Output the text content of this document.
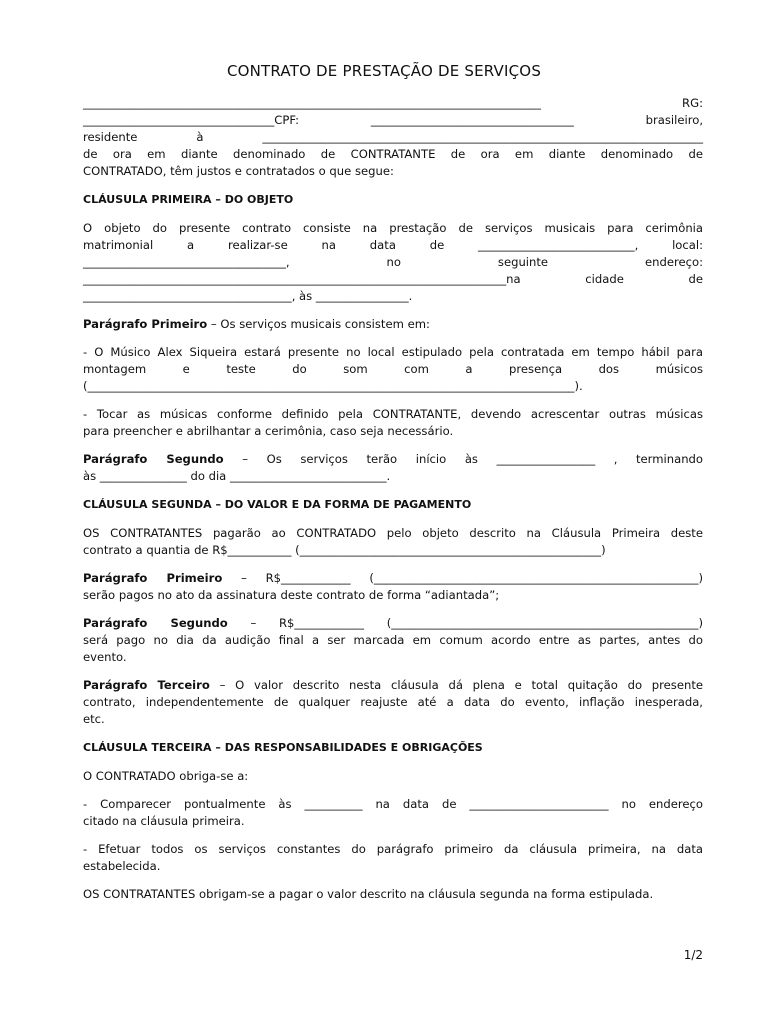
CONTRATO DE PRESTAÇÃO DE SERVIÇOS

_______________________________________________________________________________ RG:

_________________________________CPF:	___________________________________	brasileiro,

residente à ____________________________________________________________________________

de ora em diante denominado de CONTRATANTE de ora em diante denominado de

CONTRATADO, têm justos e contratados o que segue:

CLÁUSULA PRIMEIRA – DO OBJETO

O objeto do presente contrato consiste na prestação de serviços musicais para cerimônia

matrimonial a realizar-se na data de ___________________________, local:

___________________________________, no seguinte endereço:

_________________________________________________________________________na cidade de

____________________________________, às ________________.

Parágrafo Primeiro – Os serviços musicais consistem em:

- O Músico Alex Siqueira estará presente no local estipulado pela contratada em tempo hábil para

montagem e teste do som com a presença dos músicos

(____________________________________________________________________________________).

- Tocar as músicas conforme definido pela CONTRATANTE, devendo acrescentar outras músicas

para preencher e abrilhantar a cerimônia, caso seja necessário.

Parágrafo Segundo – Os serviços terão início às _________________ , terminando

às _______________ do dia ___________________________.

CLÁUSULA SEGUNDA – DO VALOR E DA FORMA DE PAGAMENTO

OS CONTRATANTES pagarão ao CONTRATADO pelo objeto descrito na Cláusula Primeira deste

contrato a quantia de R$___________ (____________________________________________________)

Parágrafo Primeiro – R$____________ (________________________________________________________)

serão pagos no ato da assinatura deste contrato de forma “adiantada”;

Parágrafo Segundo – R$____________ (_____________________________________________________)

será pago no dia da audição final a ser marcada em comum acordo entre as partes, antes do

evento.

Parágrafo Terceiro – O valor descrito nesta cláusula dá plena e total quitação do presente

contrato, independentemente de qualquer reajuste até a data do evento, inflação inesperada,

etc.

CLÁUSULA TERCEIRA – DAS RESPONSABILIDADES E OBRIGAÇÕES

O CONTRATADO obriga-se a:

- Comparecer pontualmente às __________ na data de ________________________ no endereço

citado na cláusula primeira.

- Efetuar todos os serviços constantes do parágrafo primeiro da cláusula primeira, na data

estabelecida.

OS CONTRATANTES obrigam-se a pagar o valor descrito na cláusula segunda na forma estipulada.

1/2
